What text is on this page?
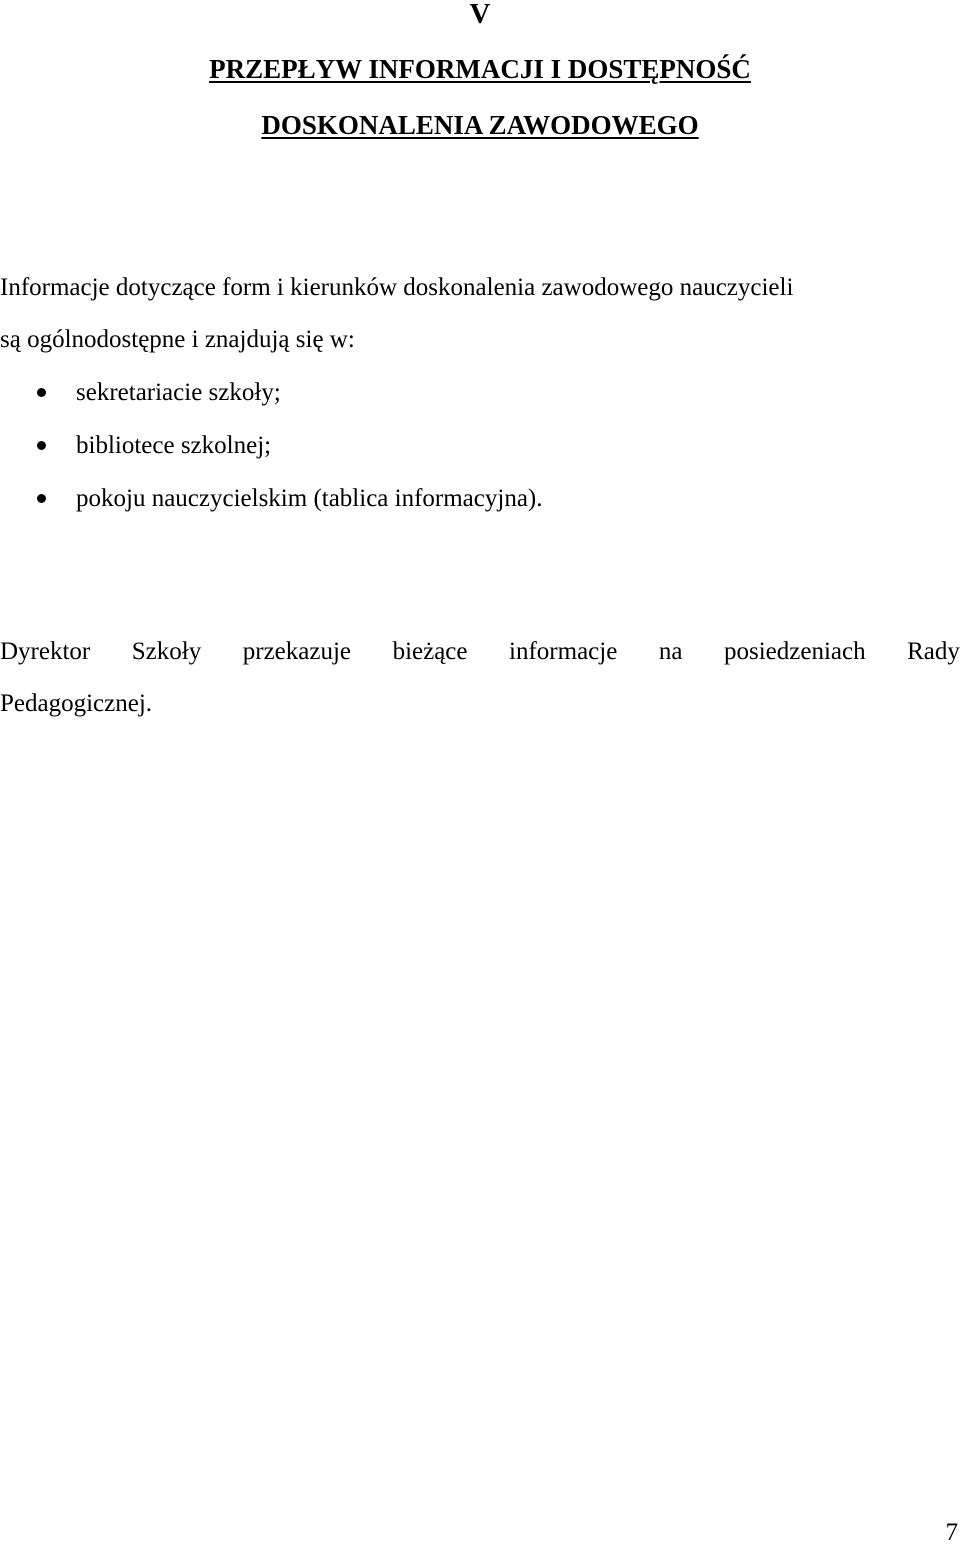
V
PRZEPŁYW INFORMACJI I DOSTĘPNOŚĆ
DOSKONALENIA ZAWODOWEGO

Informacje dotyczące form i kierunków doskonalenia zawodowego nauczycieli
są ogólnodostępne i znajdują się w:

sekretariacie szkoły;
bibliotece szkolnej;
pokoju nauczycielskim (tablica informacyjna).

Dyrektor Szkoły przekazuje bieżące informacje na posiedzeniach Rady
Pedagogicznej.

7
